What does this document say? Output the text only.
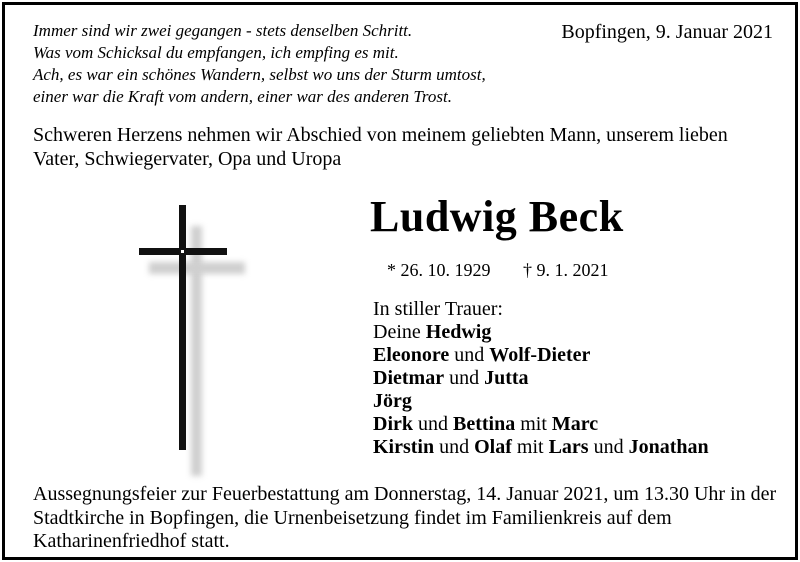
Immer sind wir zwei gegangen - stets denselben Schritt.
Was vom Schicksal du empfangen, ich empfing es mit.
Ach, es war ein schönes Wandern, selbst wo uns der Sturm umtost,
einer war die Kraft vom andern, einer war des anderen Trost.
Bopfingen, 9. Januar 2021
Schweren Herzens nehmen wir Abschied von meinem geliebten Mann, unserem lieben Vater, Schwiegervater, Opa und Uropa
Ludwig Beck
* 26. 10. 1929 † 9. 1. 2021
In stiller Trauer:
Deine Hedwig
Eleonore und Wolf-Dieter
Dietmar und Jutta
Jörg
Dirk und Bettina mit Marc
Kirstin und Olaf mit Lars und Jonathan
Aussegnungsfeier zur Feuerbestattung am Donnerstag, 14. Januar 2021, um 13.30 Uhr in der Stadtkirche in Bopfingen, die Urnenbeisetzung findet im Familienkreis auf dem Katharinenfriedhof statt.
